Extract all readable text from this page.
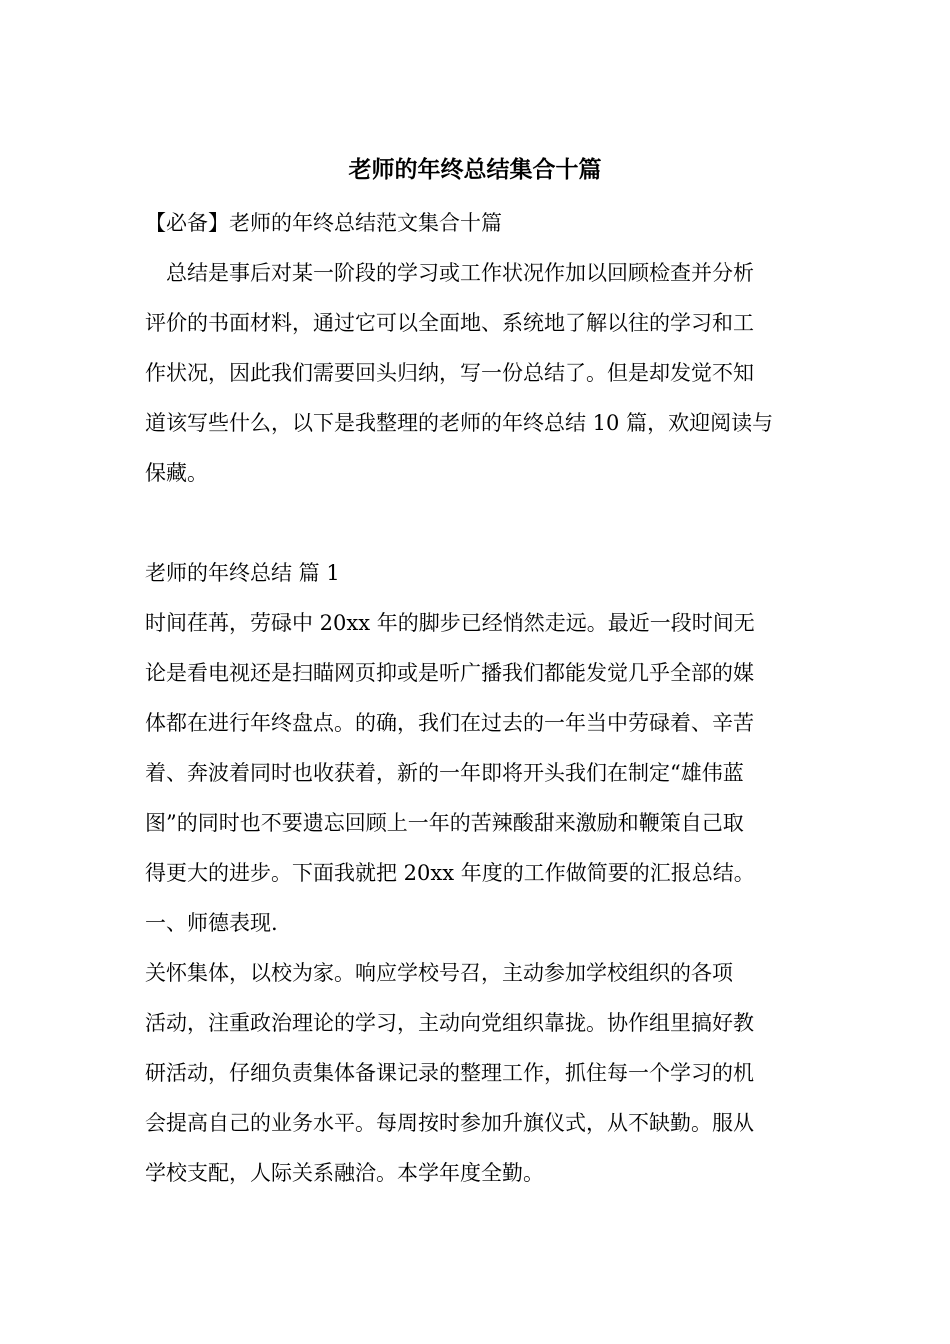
老师的年终总结集合十篇

【必备】老师的年终总结范文集合十篇

　总结是事后对某一阶段的学习或工作状况作加以回顾检查并分析
评价的书面材料，通过它可以全面地、系统地了解以往的学习和工
作状况，因此我们需要回头归纳，写一份总结了。但是却发觉不知
道该写些什么，以下是我整理的老师的年终总结 10 篇，欢迎阅读与
保藏。

老师的年终总结 篇 1

时间荏苒，劳碌中 20xx 年的脚步已经悄然走远。最近一段时间无
论是看电视还是扫瞄网页抑或是听广播我们都能发觉几乎全部的媒
体都在进行年终盘点。的确，我们在过去的一年当中劳碌着、辛苦
着、奔波着同时也收获着，新的一年即将开头我们在制定“雄伟蓝
图”的同时也不要遗忘回顾上一年的苦辣酸甜来激励和鞭策自己取
得更大的进步。下面我就把 20xx 年度的工作做简要的汇报总结。

一、师德表现.

关怀集体，以校为家。响应学校号召，主动参加学校组织的各项
活动，注重政治理论的学习，主动向党组织靠拢。协作组里搞好教
研活动，仔细负责集体备课记录的整理工作，抓住每一个学习的机
会提高自己的业务水平。每周按时参加升旗仪式，从不缺勤。服从
学校支配，人际关系融洽。本学年度全勤。
